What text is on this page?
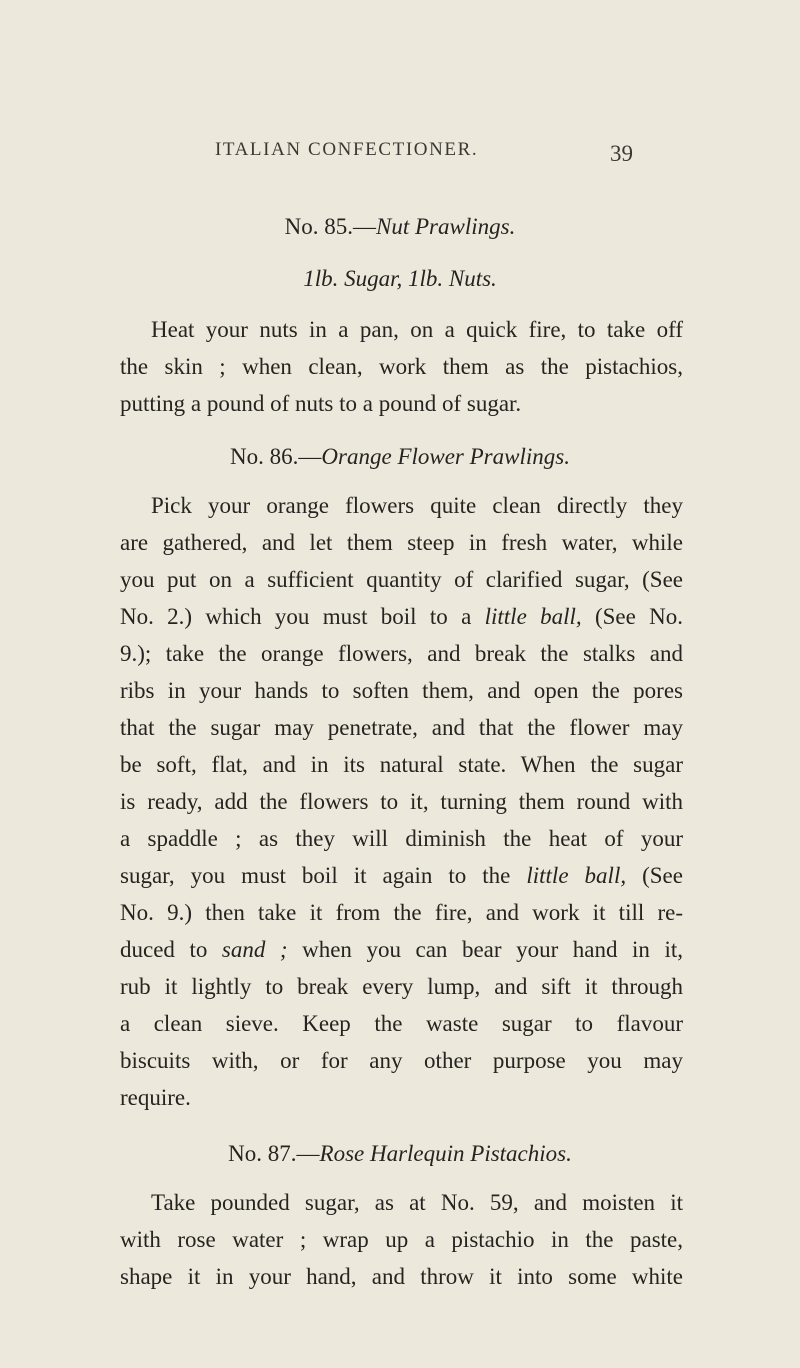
ITALIAN CONFECTIONER.	39
No. 85.—Nut Prawlings.
1lb. Sugar, 1lb. Nuts.
Heat your nuts in a pan, on a quick fire, to take off
the skin ; when clean, work them as the pistachios,
putting a pound of nuts to a pound of sugar.
No. 86.—Orange Flower Prawlings.
Pick your orange flowers quite clean directly they
are gathered, and let them steep in fresh water, while
you put on a sufficient quantity of clarified sugar, (See
No. 2.) which you must boil to a little ball, (See No.
9.); take the orange flowers, and break the stalks and
ribs in your hands to soften them, and open the pores
that the sugar may penetrate, and that the flower may
be soft, flat, and in its natural state. When the sugar
is ready, add the flowers to it, turning them round with
a spaddle ; as they will diminish the heat of your
sugar, you must boil it again to the little ball, (See
No. 9.) then take it from the fire, and work it till re-
duced to sand ; when you can bear your hand in it,
rub it lightly to break every lump, and sift it through
a clean sieve. Keep the waste sugar to flavour
biscuits with, or for any other purpose you may
require.
No. 87.—Rose Harlequin Pistachios.
Take pounded sugar, as at No. 59, and moisten it
with rose water ; wrap up a pistachio in the paste,
shape it in your hand, and throw it into some white
